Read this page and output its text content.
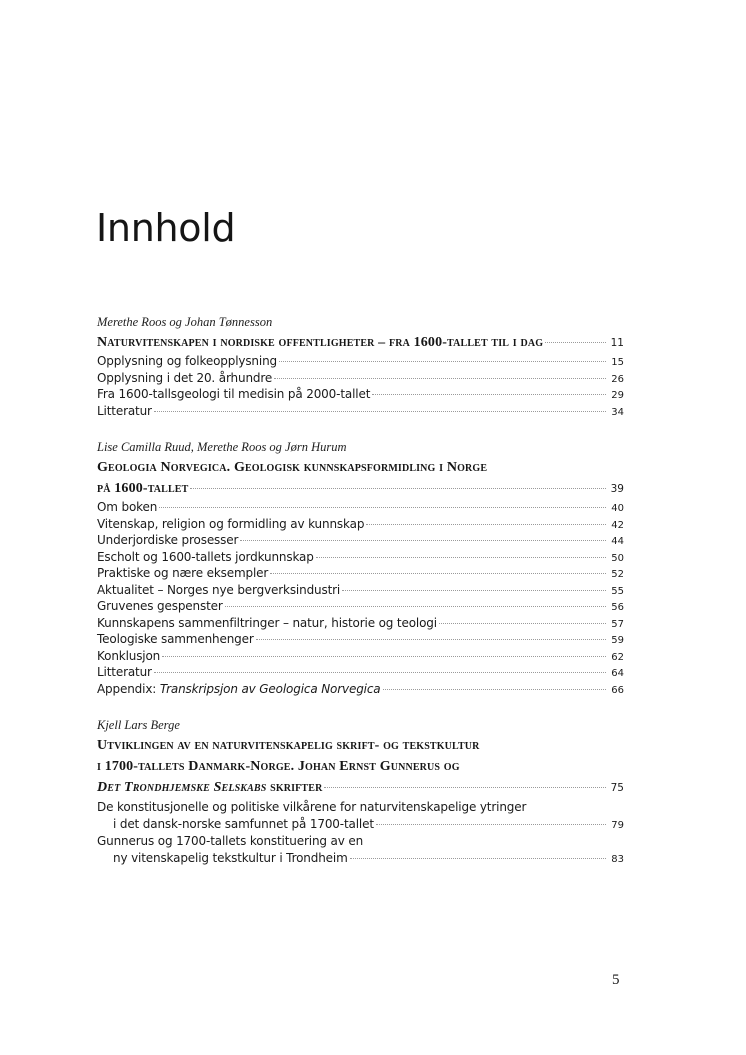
Innhold
Merethe Roos og Johan Tønnesson
Naturvitenskapen i nordiske offentligheter – fra 1600-tallet til i dag	11
Opplysning og folkeopplysning	15
Opplysning i det 20. århundre	26
Fra 1600-tallsgeologi til medisin på 2000-tallet	29
Litteratur	34
Lise Camilla Ruud, Merethe Roos og Jørn Hurum
Geologia Norvegica. Geologisk kunnskapsformidling i Norge
på 1600-tallet	39
Om boken	40
Vitenskap, religion og formidling av kunnskap	42
Underjordiske prosesser	44
Escholt og 1600-tallets jordkunnskap	50
Praktiske og nære eksempler	52
Aktualitet – Norges nye bergverksindustri	55
Gruvenes gespenster	56
Kunnskapens sammenfiltringer – natur, historie og teologi	57
Teologiske sammenhenger	59
Konklusjon	62
Litteratur	64
Appendix: Transkripsjon av Geologica Norvegica	66
Kjell Lars Berge
Utviklingen av en naturvitenskapelig skrift- og tekstkultur
i 1700-tallets Danmark-Norge. Johan Ernst Gunnerus og
Det Trondhjemske Selskabs skrifter	75
De konstitusjonelle og politiske vilkårene for naturvitenskapelige ytringer
i det dansk-norske samfunnet på 1700-tallet	79
Gunnerus og 1700-tallets konstituering av en
ny vitenskapelig tekstkultur i Trondheim	83
5
